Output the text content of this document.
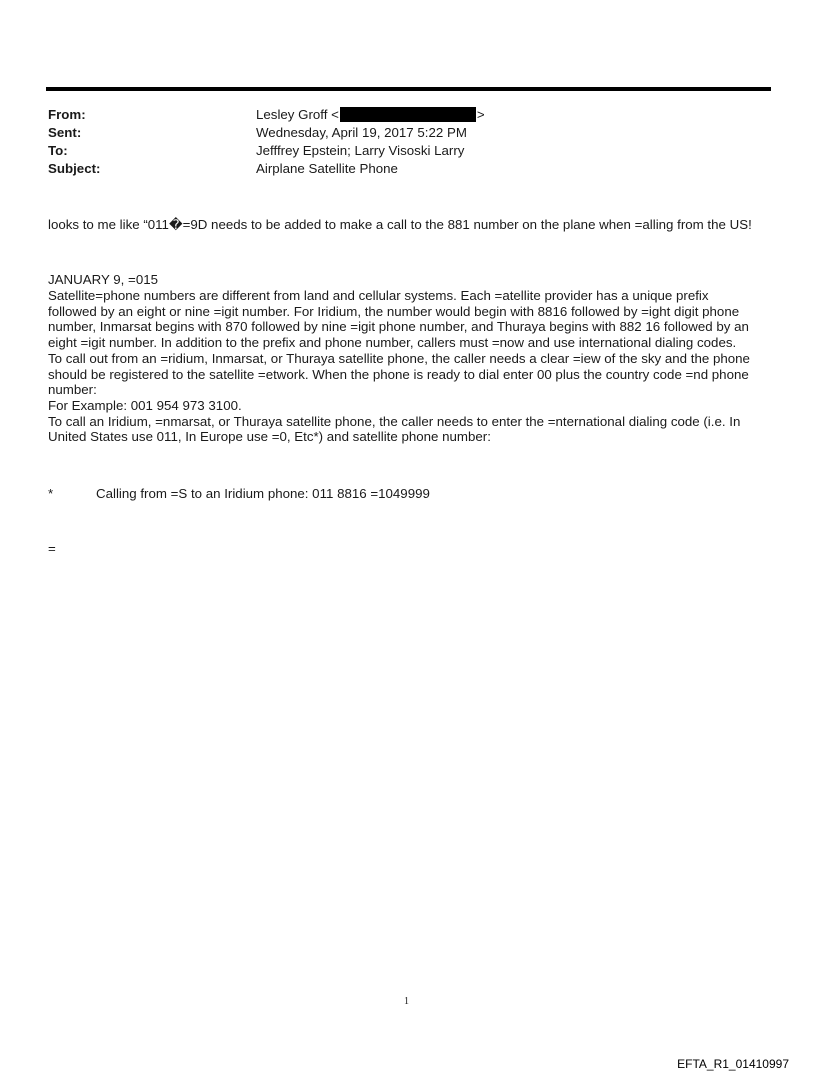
From:	Lesley Groff <	>
Sent:	Wednesday, April 19, 2017 5:22 PM
To:	Jefffrey Epstein; Larry Visoski Larry
Subject:	Airplane Satellite Phone
looks to me like “011�=9D needs to be added to make a call to the 881 number on the plane when =alling from the US!
JANUARY 9, =015
Satellite=phone numbers are different from land and cellular systems. Each =atellite provider has a unique prefix
followed by an eight or nine =igit number. For Iridium, the number would begin with 8816 followed by =ight digit phone
number, Inmarsat begins with 870 followed by nine =igit phone number, and Thuraya begins with 882 16 followed by an
eight =igit number. In addition to the prefix and phone number, callers must =now and use international dialing codes.
To call out from an =ridium, Inmarsat, or Thuraya satellite phone, the caller needs a clear =iew of the sky and the phone
should be registered to the satellite =etwork. When the phone is ready to dial enter 00 plus the country code =nd phone
number:
For Example: 001 954 973 3100.
To call an Iridium, =nmarsat, or Thuraya satellite phone, the caller needs to enter the =nternational dialing code (i.e. In
United States use 011, In Europe use =0, Etc*) and satellite phone number:
*	Calling from =S to an Iridium phone: 011 8816 =1049999
=
1
EFTA_R1_01410997
